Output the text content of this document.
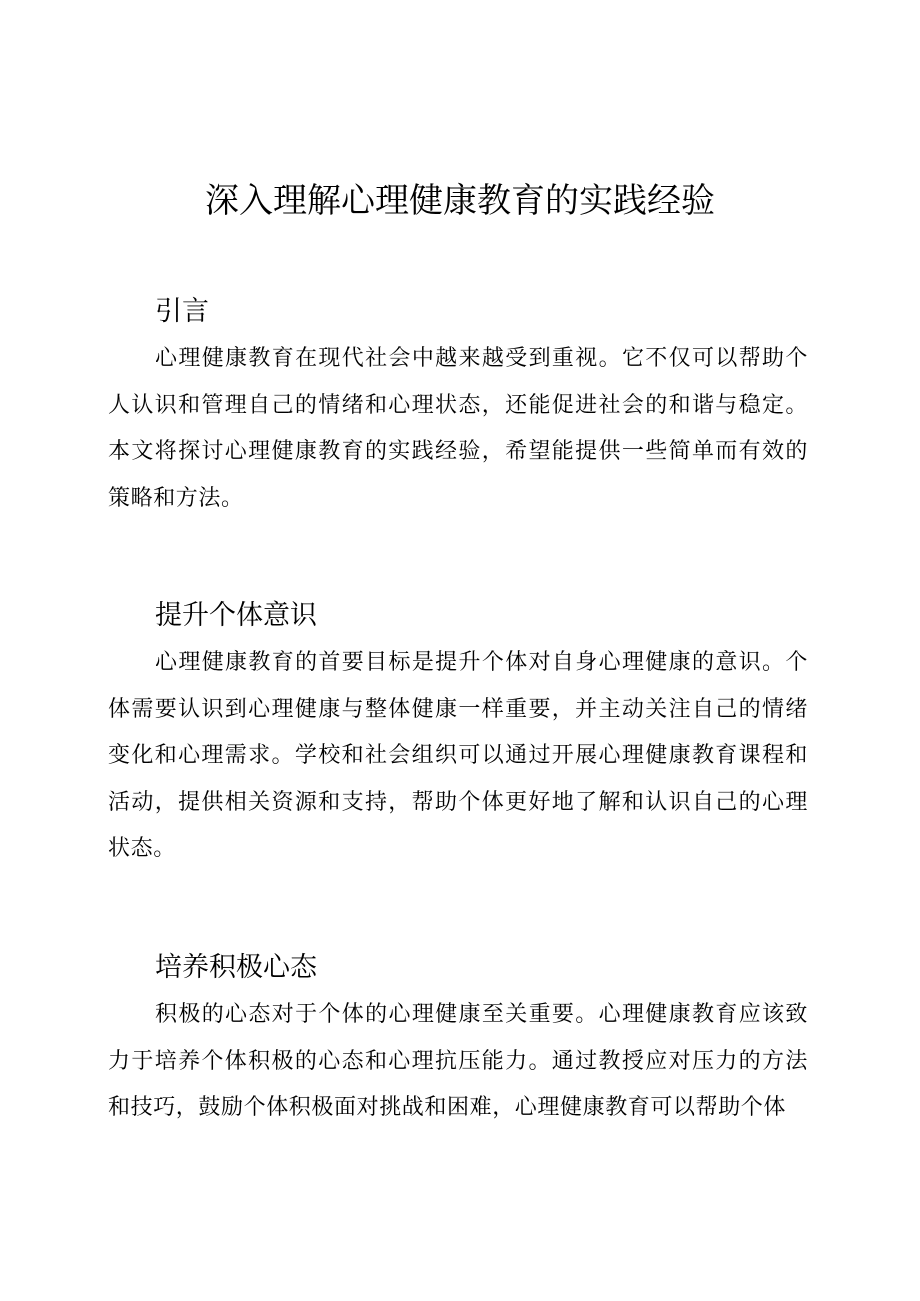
深入理解心理健康教育的实践经验
引言

心理健康教育在现代社会中越来越受到重视。它不仅可以帮助个人认识和管理自己的情绪和心理状态，还能促进社会的和谐与稳定。本文将探讨心理健康教育的实践经验，希望能提供一些简单而有效的策略和方法。

提升个体意识

心理健康教育的首要目标是提升个体对自身心理健康的意识。个体需要认识到心理健康与整体健康一样重要，并主动关注自己的情绪变化和心理需求。学校和社会组织可以通过开展心理健康教育课程和活动，提供相关资源和支持，帮助个体更好地了解和认识自己的心理状态。

培养积极心态

积极的心态对于个体的心理健康至关重要。心理健康教育应该致力于培养个体积极的心态和心理抗压能力。通过教授应对压力的方法和技巧，鼓励个体积极面对挑战和困难，心理健康教育可以帮助个体
